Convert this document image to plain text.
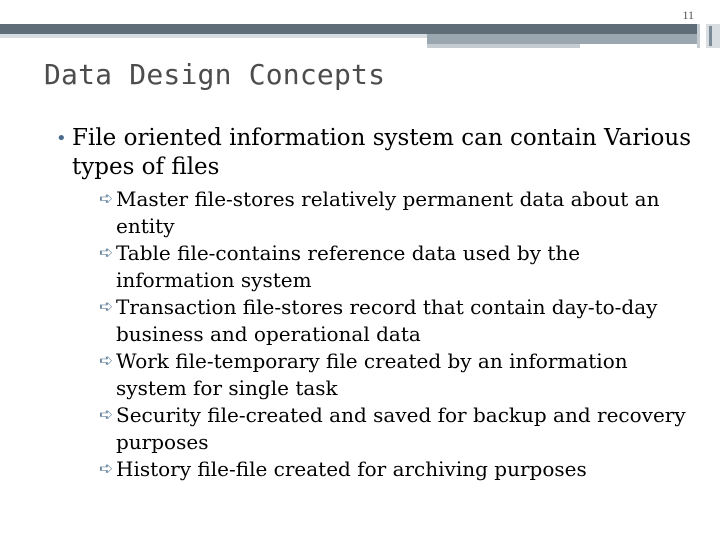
11
Data Design Concepts
• File oriented information system can contain Various types of files
➪ Master file-stores relatively permanent data about an entity
➪ Table file-contains reference data used by the information system
➪ Transaction file-stores record that contain day-to-day business and operational data
➪ Work file-temporary file created by an information system for single task
➪ Security file-created and saved for backup and recovery purposes
➪ History file-file created for archiving purposes
